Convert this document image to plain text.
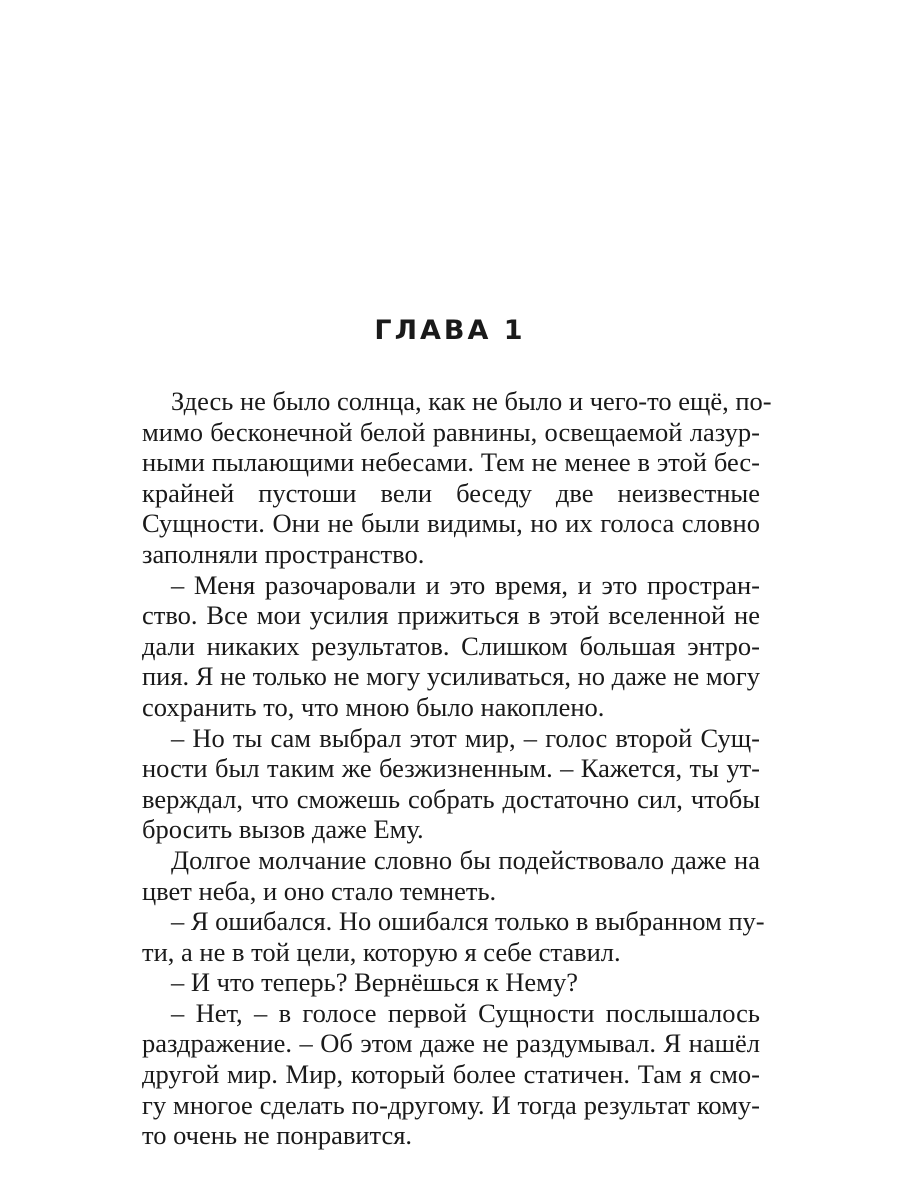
ГЛАВА 1
Здесь не было солнца, как не было и чего-то ещё, по-
мимо бесконечной белой равнины, освещаемой лазур-
ными пылающими небесами. Тем не менее в этой бес-
крайней пустоши вели беседу две неизвестные
Сущности. Они не были видимы, но их голоса словно
заполняли пространство.
– Меня разочаровали и это время, и это простран-
ство. Все мои усилия прижиться в этой вселенной не
дали никаких результатов. Слишком большая энтро-
пия. Я не только не могу усиливаться, но даже не могу
сохранить то, что мною было накоплено.
– Но ты сам выбрал этот мир, – голос второй Сущ-
ности был таким же безжизненным. – Кажется, ты ут-
верждал, что сможешь собрать достаточно сил, чтобы
бросить вызов даже Ему.
Долгое молчание словно бы подействовало даже на
цвет неба, и оно стало темнеть.
– Я ошибался. Но ошибался только в выбранном пу-
ти, а не в той цели, которую я себе ставил.
– И что теперь? Вернёшься к Нему?
– Нет, – в голосе первой Сущности послышалось
раздражение. – Об этом даже не раздумывал. Я нашёл
другой мир. Мир, который более статичен. Там я смо-
гу многое сделать по-другому. И тогда результат кому-
то очень не понравится.
